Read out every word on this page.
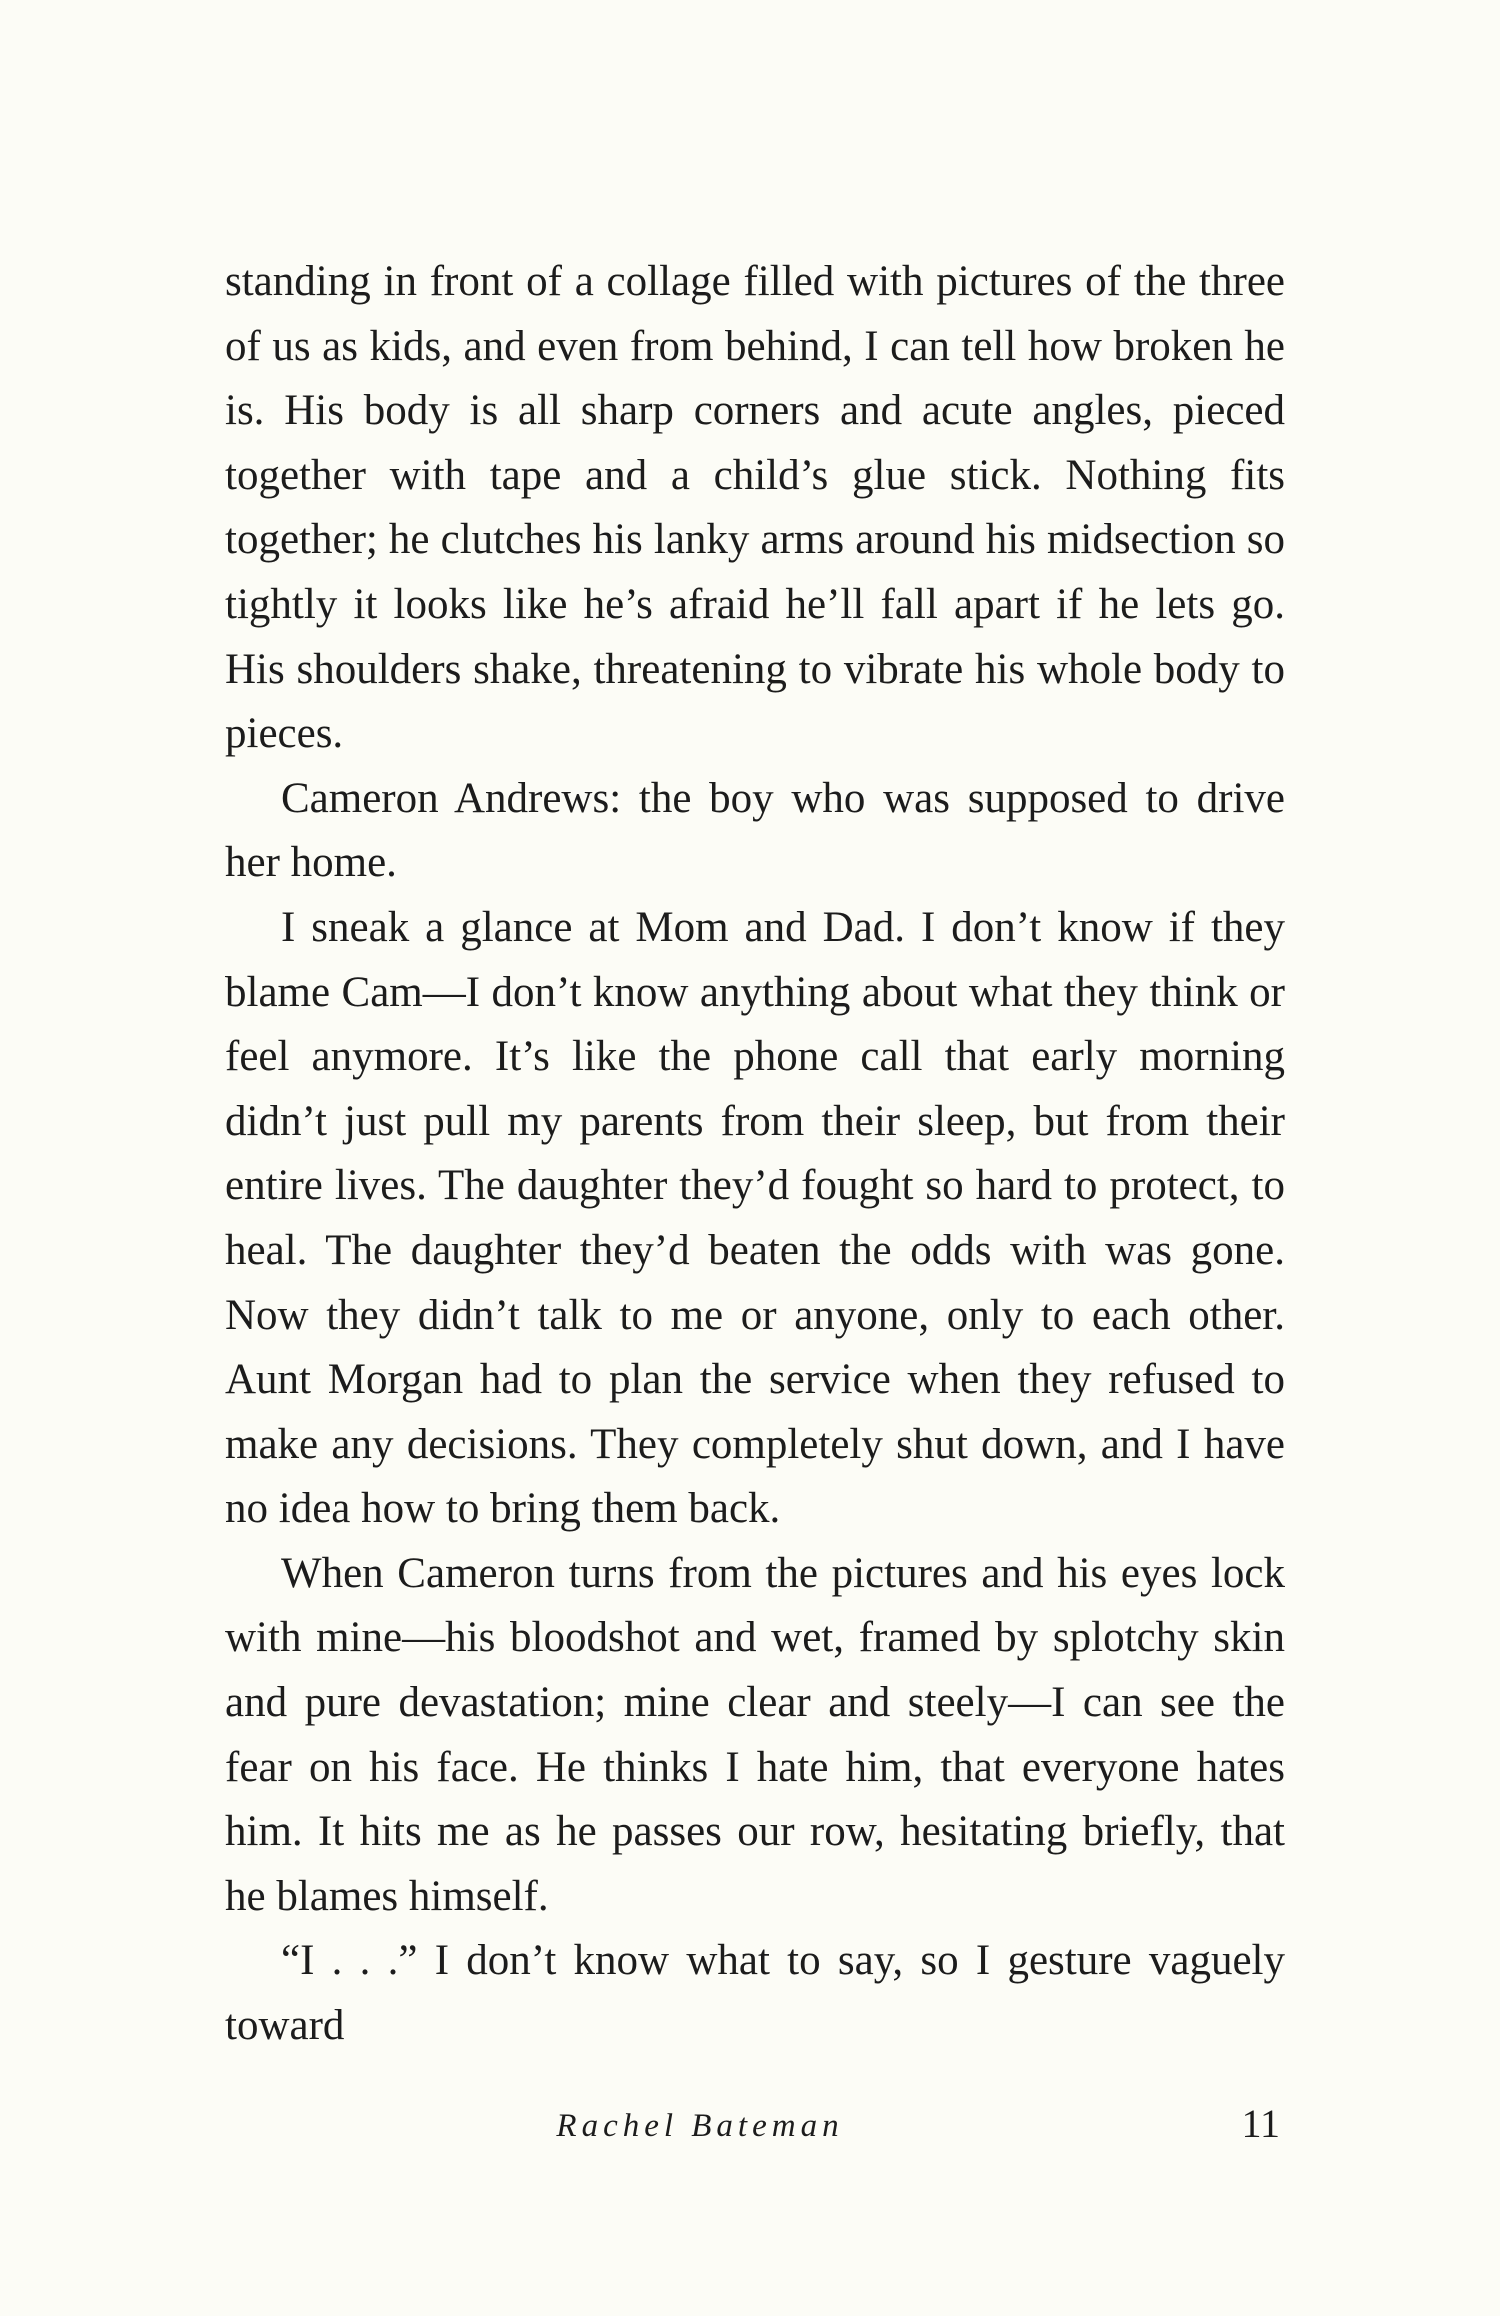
standing in front of a collage filled with pictures of the three of us as kids, and even from behind, I can tell how broken he is. His body is all sharp corners and acute angles, pieced together with tape and a child’s glue stick. Nothing fits together; he clutches his lanky arms around his midsection so tightly it looks like he’s afraid he’ll fall apart if he lets go. His shoulders shake, threatening to vibrate his whole body to pieces.

Cameron Andrews: the boy who was supposed to drive her home.

I sneak a glance at Mom and Dad. I don’t know if they blame Cam—I don’t know anything about what they think or feel anymore. It’s like the phone call that early morning didn’t just pull my parents from their sleep, but from their entire lives. The daughter they’d fought so hard to protect, to heal. The daughter they’d beaten the odds with was gone. Now they didn’t talk to me or anyone, only to each other. Aunt Morgan had to plan the service when they refused to make any decisions. They completely shut down, and I have no idea how to bring them back.

When Cameron turns from the pictures and his eyes lock with mine—his bloodshot and wet, framed by splotchy skin and pure devastation; mine clear and steely—I can see the fear on his face. He thinks I hate him, that everyone hates him. It hits me as he passes our row, hesitating briefly, that he blames himself.

“I . . .” I don’t know what to say, so I gesture vaguely toward

Rachel Bateman	11
